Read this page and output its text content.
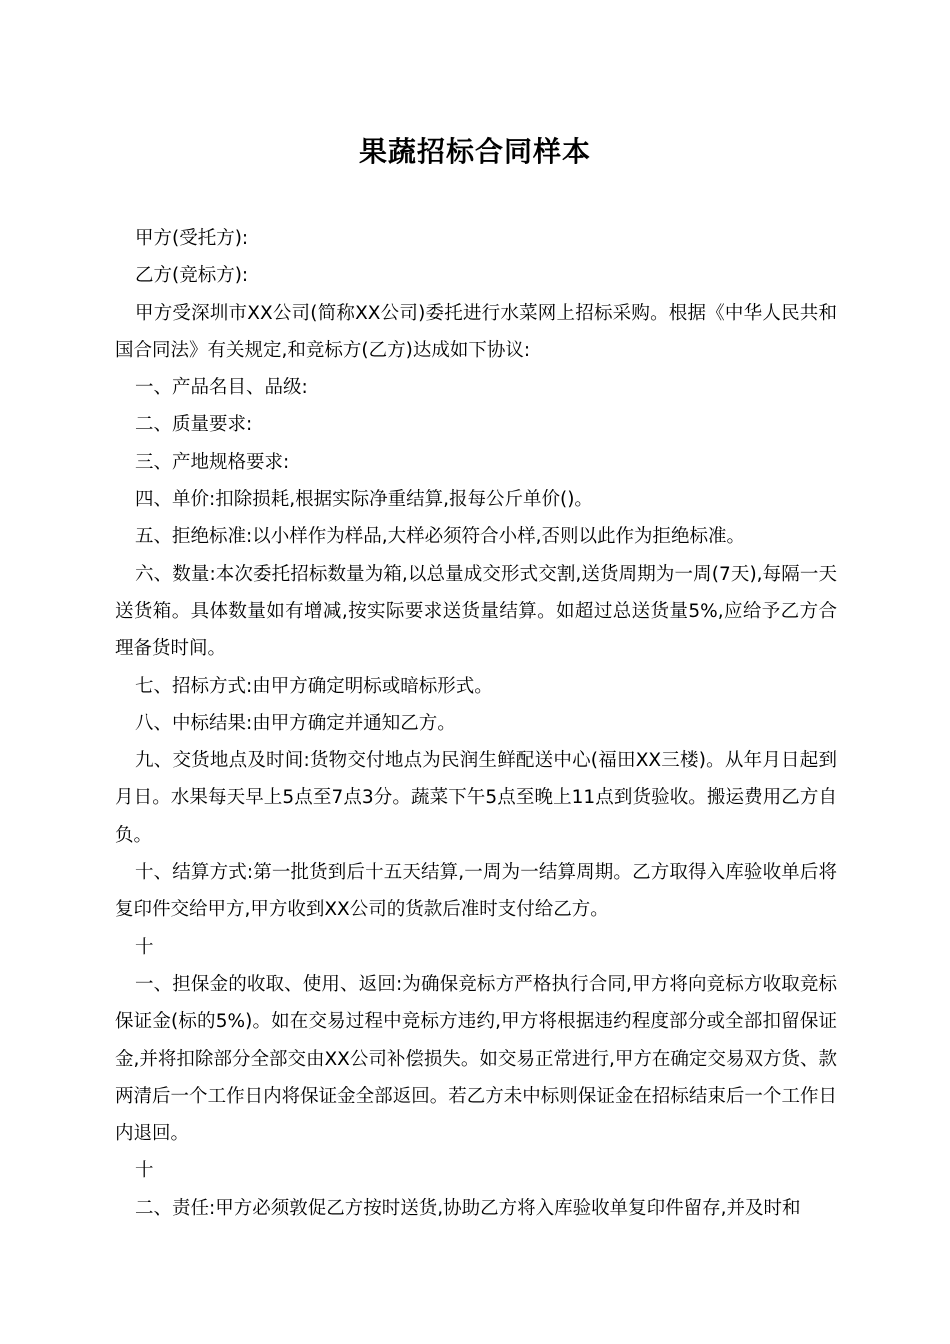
果蔬招标合同样本

甲方(受托方):

乙方(竞标方):

甲方受深圳市XX公司(简称XX公司)委托进行水菜网上招标采购。根据《中华人民共和国合同法》有关规定,和竞标方(乙方)达成如下协议:

一、产品名目、品级:

二、质量要求:

三、产地规格要求:

四、单价:扣除损耗,根据实际净重结算,报每公斤单价()。

五、拒绝标准:以小样作为样品,大样必须符合小样,否则以此作为拒绝标准。

六、数量:本次委托招标数量为箱,以总量成交形式交割,送货周期为一周(7天),每隔一天送货箱。具体数量如有增减,按实际要求送货量结算。如超过总送货量5%,应给予乙方合理备货时间。

七、招标方式:由甲方确定明标或暗标形式。

八、中标结果:由甲方确定并通知乙方。

九、交货地点及时间:货物交付地点为民润生鲜配送中心(福田XX三楼)。从年月日起到月日。水果每天早上5点至7点3分。蔬菜下午5点至晚上11点到货验收。搬运费用乙方自负。

十、结算方式:第一批货到后十五天结算,一周为一结算周期。乙方取得入库验收单后将复印件交给甲方,甲方收到XX公司的货款后准时支付给乙方。

十

一、担保金的收取、使用、返回:为确保竞标方严格执行合同,甲方将向竞标方收取竞标保证金(标的5%)。如在交易过程中竞标方违约,甲方将根据违约程度部分或全部扣留保证金,并将扣除部分全部交由XX公司补偿损失。如交易正常进行,甲方在确定交易双方货、款两清后一个工作日内将保证金全部返回。若乙方未中标则保证金在招标结束后一个工作日内退回。

十

二、责任:甲方必须敦促乙方按时送货,协助乙方将入库验收单复印件留存,并及时和
